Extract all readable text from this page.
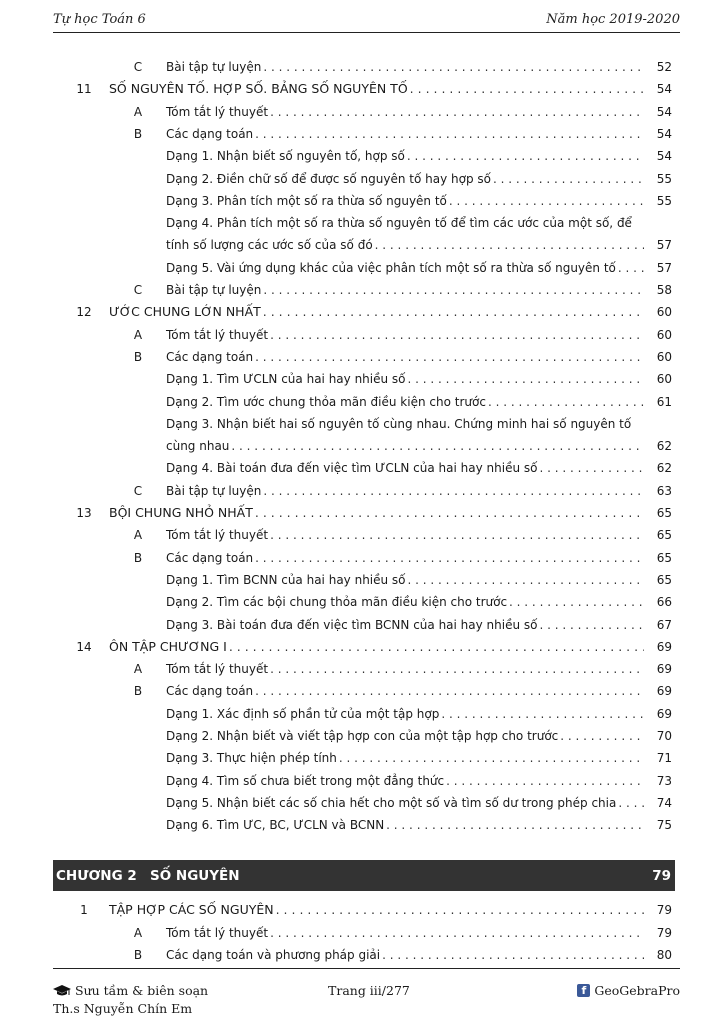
Tự học Toán 6	Năm học 2019-2020
C	Bài tập tự luyện . . .	52
11	SỐ NGUYÊN TỐ. HỢP SỐ. BẢNG SỐ NGUYÊN TỐ . . .	54
A	Tóm tắt lý thuyết . . .	54
B	Các dạng toán . . .	54
Dạng 1. Nhận biết số nguyên tố, hợp số . . .	54
Dạng 2. Điền chữ số để được số nguyên tố hay hợp số . . .	55
Dạng 3. Phân tích một số ra thừa số nguyên tố . . .	55
Dạng 4. Phân tích một số ra thừa số nguyên tố để tìm các ước của một số, để
tính số lượng các ước số của số đó . . .	57
Dạng 5. Vài ứng dụng khác của việc phân tích một số ra thừa số nguyên tố . . .	57
C	Bài tập tự luyện . . .	58
12	ƯỚC CHUNG LỚN NHẤT . . .	60
A	Tóm tắt lý thuyết . . .	60
B	Các dạng toán . . .	60
Dạng 1. Tìm ƯCLN của hai hay nhiều số . . .	60
Dạng 2. Tìm ước chung thỏa mãn điều kiện cho trước . . .	61
Dạng 3. Nhận biết hai số nguyên tố cùng nhau. Chứng minh hai số nguyên tố
cùng nhau . . .	62
Dạng 4. Bài toán đưa đến việc tìm ƯCLN của hai hay nhiều số . . .	62
C	Bài tập tự luyện . . .	63
13	BỘI CHUNG NHỎ NHẤT . . .	65
A	Tóm tắt lý thuyết . . .	65
B	Các dạng toán . . .	65
Dạng 1. Tìm BCNN của hai hay nhiều số . . .	65
Dạng 2. Tìm các bội chung thỏa mãn điều kiện cho trước . . .	66
Dạng 3. Bài toán đưa đến việc tìm BCNN của hai hay nhiều số . . .	67
14	ÔN TẬP CHƯƠNG I . . .	69
A	Tóm tắt lý thuyết . . .	69
B	Các dạng toán . . .	69
Dạng 1. Xác định số phần tử của một tập hợp . . .	69
Dạng 2. Nhận biết và viết tập hợp con của một tập hợp cho trước . . .	70
Dạng 3. Thực hiện phép tính . . .	71
Dạng 4. Tìm số chưa biết trong một đẳng thức . . .	73
Dạng 5. Nhận biết các số chia hết cho một số và tìm số dư trong phép chia . . .	74
Dạng 6. Tìm ƯC, BC, ƯCLN và BCNN . . .	75
CHƯƠNG 2 SỐ NGUYÊN	79
1	TẬP HỢP CÁC SỐ NGUYÊN . . .	79
A	Tóm tắt lý thuyết . . .	79
B	Các dạng toán và phương pháp giải . . .	80
Sưu tầm & biên soạn
Th.s Nguyễn Chín Em
Trang iii/277	f GeoGebraPro
